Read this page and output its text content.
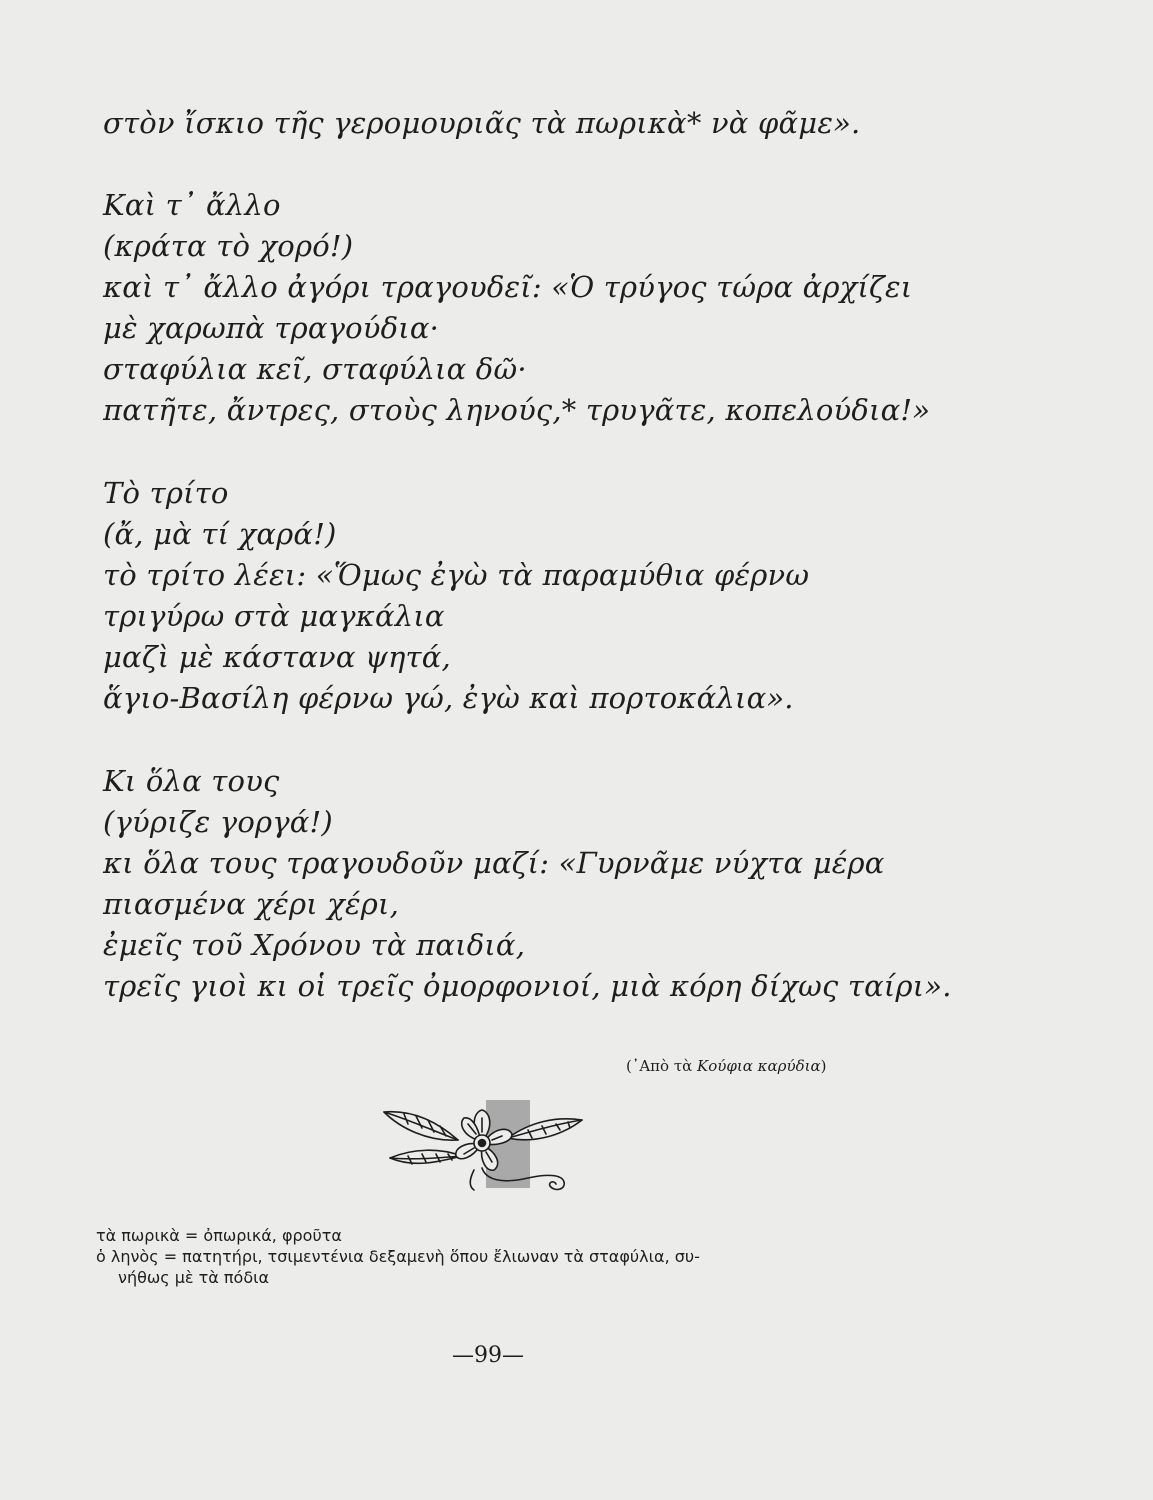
στὸν ἴσκιο τῆς γερομουριᾶς τὰ πωρικὰ* νὰ φᾶμε».
Καὶ τ᾽ ἄλλο
(κράτα τὸ χορό!)
καὶ τ᾽ ἄλλο ἀγόρι τραγουδεῖ: «Ὁ τρύγος τώρα ἀρχίζει
μὲ χαρωπὰ τραγούδια·
σταφύλια κεῖ, σταφύλια δῶ·
πατῆτε, ἄντρες, στοὺς ληνούς,* τρυγᾶτε, κοπελούδια!»
Τὸ τρίτο
(ἄ, μὰ τί χαρά!)
τὸ τρίτο λέει: «Ὅμως ἐγὼ τὰ παραμύθια φέρνω
τριγύρω στὰ μαγκάλια
μαζὶ μὲ κάστανα ψητά,
ἅγιο-Βασίλη φέρνω γώ, ἐγὼ καὶ πορτοκάλια».
Κι ὅλα τους
(γύριζε γοργά!)
κι ὅλα τους τραγουδοῦν μαζί: «Γυρνᾶμε νύχτα μέρα
πιασμένα χέρι χέρι,
ἐμεῖς τοῦ Χρόνου τὰ παιδιά,
τρεῖς γιοὶ κι οἱ τρεῖς ὀμορφονιοί, μιὰ κόρη δίχως ταίρι».
(᾽Απὸ τὰ Κούφια καρύδια)
τὰ πωρικὰ = ὀπωρικά, φροῦτα
ὁ ληνὸς = πατητήρι, τσιμεντένια δεξαμενὴ ὅπου ἔλιωναν τὰ σταφύλια, συ-
νήθως μὲ τὰ πόδια
—99—
